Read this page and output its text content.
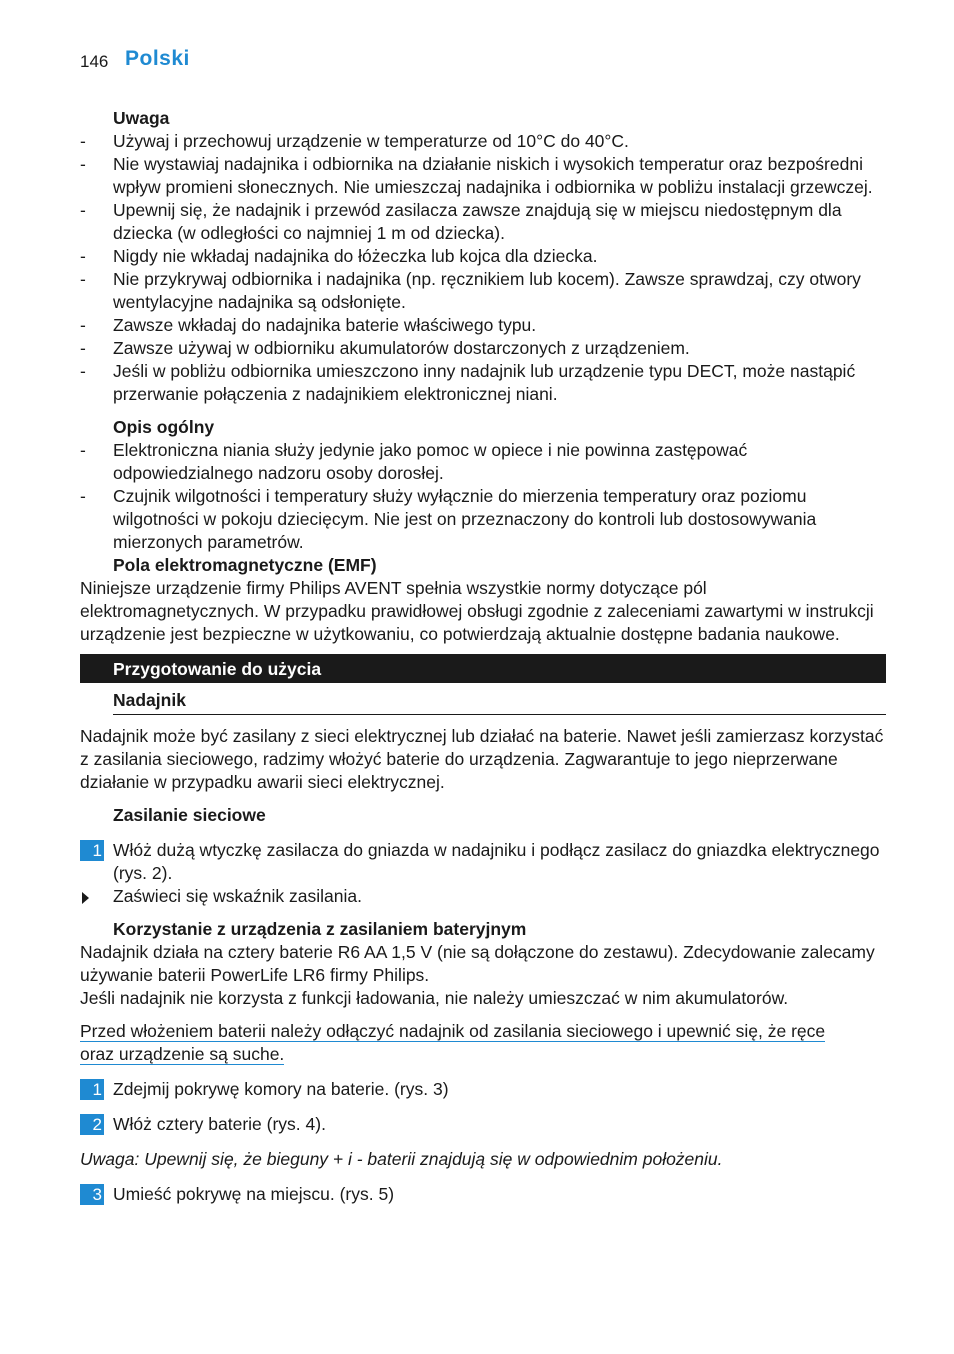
146 Polski
Uwaga
- Używaj i przechowuj urządzenie w temperaturze od 10°C do 40°C.
- Nie wystawiaj nadajnika i odbiornika na działanie niskich i wysokich temperatur oraz bezpośredni wpływ promieni słonecznych. Nie umieszczaj nadajnika i odbiornika w pobliżu instalacji grzewczej.
- Upewnij się, że nadajnik i przewód zasilacza zawsze znajdują się w miejscu niedostępnym dla dziecka (w odległości co najmniej 1 m od dziecka).
- Nigdy nie wkładaj nadajnika do łóżeczka lub kojca dla dziecka.
- Nie przykrywaj odbiornika i nadajnika (np. ręcznikiem lub kocem). Zawsze sprawdzaj, czy otwory wentylacyjne nadajnika są odsłonięte.
- Zawsze wkładaj do nadajnika baterie właściwego typu.
- Zawsze używaj w odbiorniku akumulatorów dostarczonych z urządzeniem.
- Jeśli w pobliżu odbiornika umieszczono inny nadajnik lub urządzenie typu DECT, może nastąpić przerwanie połączenia z nadajnikiem elektronicznej niani.
Opis ogólny
- Elektroniczna niania służy jedynie jako pomoc w opiece i nie powinna zastępować odpowiedzialnego nadzoru osoby dorosłej.
- Czujnik wilgotności i temperatury służy wyłącznie do mierzenia temperatury oraz poziomu wilgotności w pokoju dziecięcym. Nie jest on przeznaczony do kontroli lub dostosowywania mierzonych parametrów.
Pola elektromagnetyczne (EMF)

Niniejsze urządzenie firmy Philips AVENT spełnia wszystkie normy dotyczące pól elektromagnetycznych. W przypadku prawidłowej obsługi zgodnie z zaleceniami zawartymi w instrukcji urządzenie jest bezpieczne w użytkowaniu, co potwierdzają aktualnie dostępne badania naukowe.

Przygotowanie do użycia
Nadajnik

Nadajnik może być zasilany z sieci elektrycznej lub działać na baterie. Nawet jeśli zamierzasz korzystać z zasilania sieciowego, radzimy włożyć baterie do urządzenia. Zagwarantuje to jego nieprzerwane działanie w przypadku awarii sieci elektrycznej.

Zasilanie sieciowe
1 Włóż dużą wtyczkę zasilacza do gniazda w nadajniku i podłącz zasilacz do gniazdka elektrycznego (rys. 2).
Zaświeci się wskaźnik zasilania.
Korzystanie z urządzenia z zasilaniem bateryjnym

Nadajnik działa na cztery baterie R6 AA 1,5 V (nie są dołączone do zestawu). Zdecydowanie zalecamy używanie baterii PowerLife LR6 firmy Philips.

Jeśli nadajnik nie korzysta z funkcji ładowania, nie należy umieszczać w nim akumulatorów.

Przed włożeniem baterii należy odłączyć nadajnik od zasilania sieciowego i upewnić się, że ręce
oraz urządzenie są suche.
1 Zdejmij pokrywę komory na baterie. (rys. 3)
2 Włóż cztery baterie (rys. 4).

Uwaga: Upewnij się, że bieguny + i - baterii znajdują się w odpowiednim położeniu.

3 Umieść pokrywę na miejscu. (rys. 5)
